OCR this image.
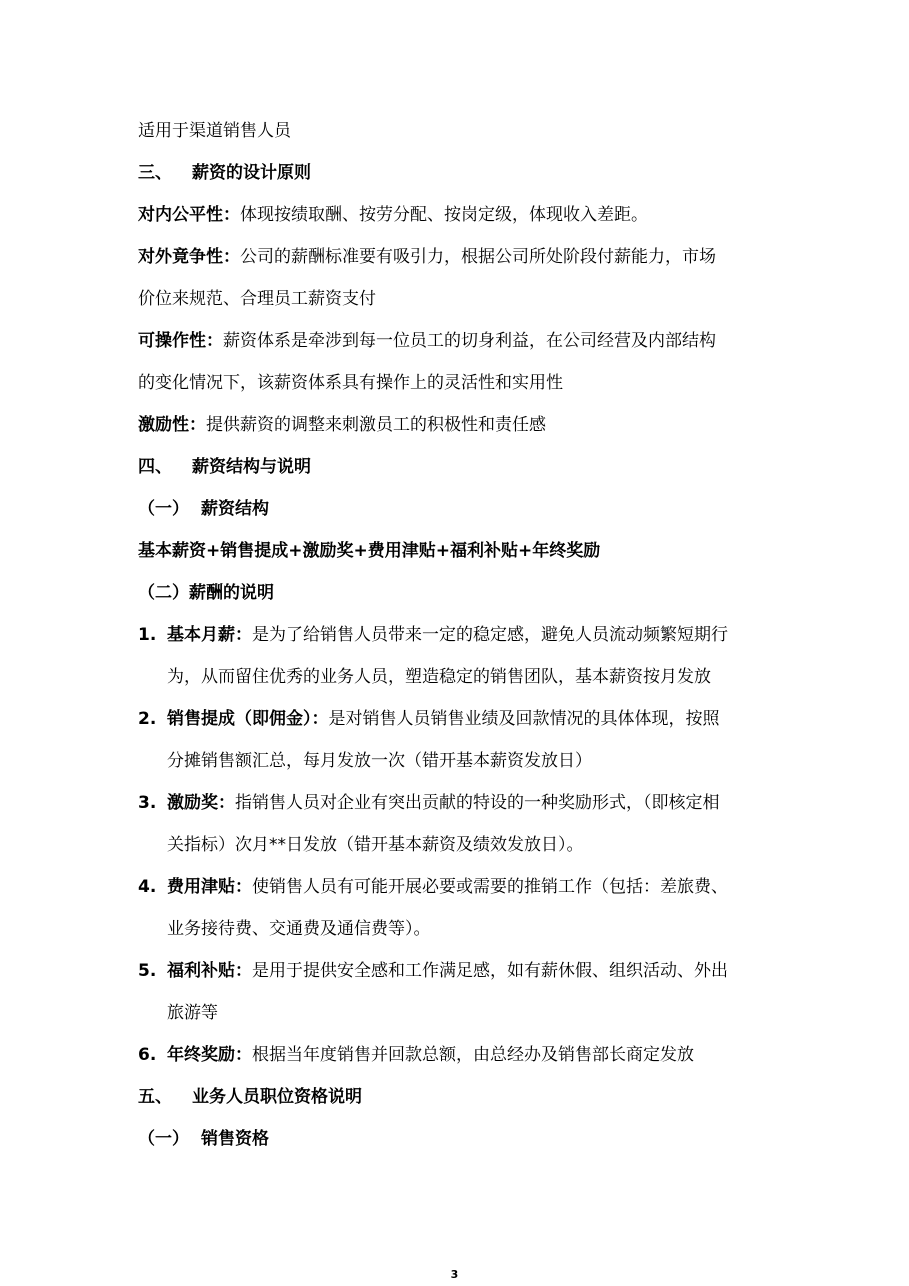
适用于渠道销售人员
三、 薪资的设计原则
对内公平性：体现按绩取酬、按劳分配、按岗定级，体现收入差距。
对外竟争性：公司的薪酬标准要有吸引力，根据公司所处阶段付薪能力，市场
价位来规范、合理员工薪资支付
可操作性：薪资体系是牵涉到每一位员工的切身利益，在公司经营及内部结构
的变化情况下，该薪资体系具有操作上的灵活性和实用性
激励性：提供薪资的调整来刺激员工的积极性和责任感
四、 薪资结构与说明
（一） 薪资结构
基本薪资+销售提成+激励奖+费用津贴+福利补贴+年终奖励
（二）薪酬的说明
1. 基本月薪：是为了给销售人员带来一定的稳定感，避免人员流动频繁短期行
为，从而留住优秀的业务人员，塑造稳定的销售团队，基本薪资按月发放
2. 销售提成（即佣金）：是对销售人员销售业绩及回款情况的具体体现，按照
分摊销售额汇总，每月发放一次（错开基本薪资发放日）
3. 激励奖：指销售人员对企业有突出贡献的特设的一种奖励形式，（即核定相
关指标）次月**日发放（错开基本薪资及绩效发放日）。
4. 费用津贴：使销售人员有可能开展必要或需要的推销工作（包括：差旅费、
业务接待费、交通费及通信费等）。
5. 福利补贴：是用于提供安全感和工作满足感，如有薪休假、组织活动、外出
旅游等
6. 年终奖励：根据当年度销售并回款总额，由总经办及销售部长商定发放
五、 业务人员职位资格说明
（一） 销售资格
3
